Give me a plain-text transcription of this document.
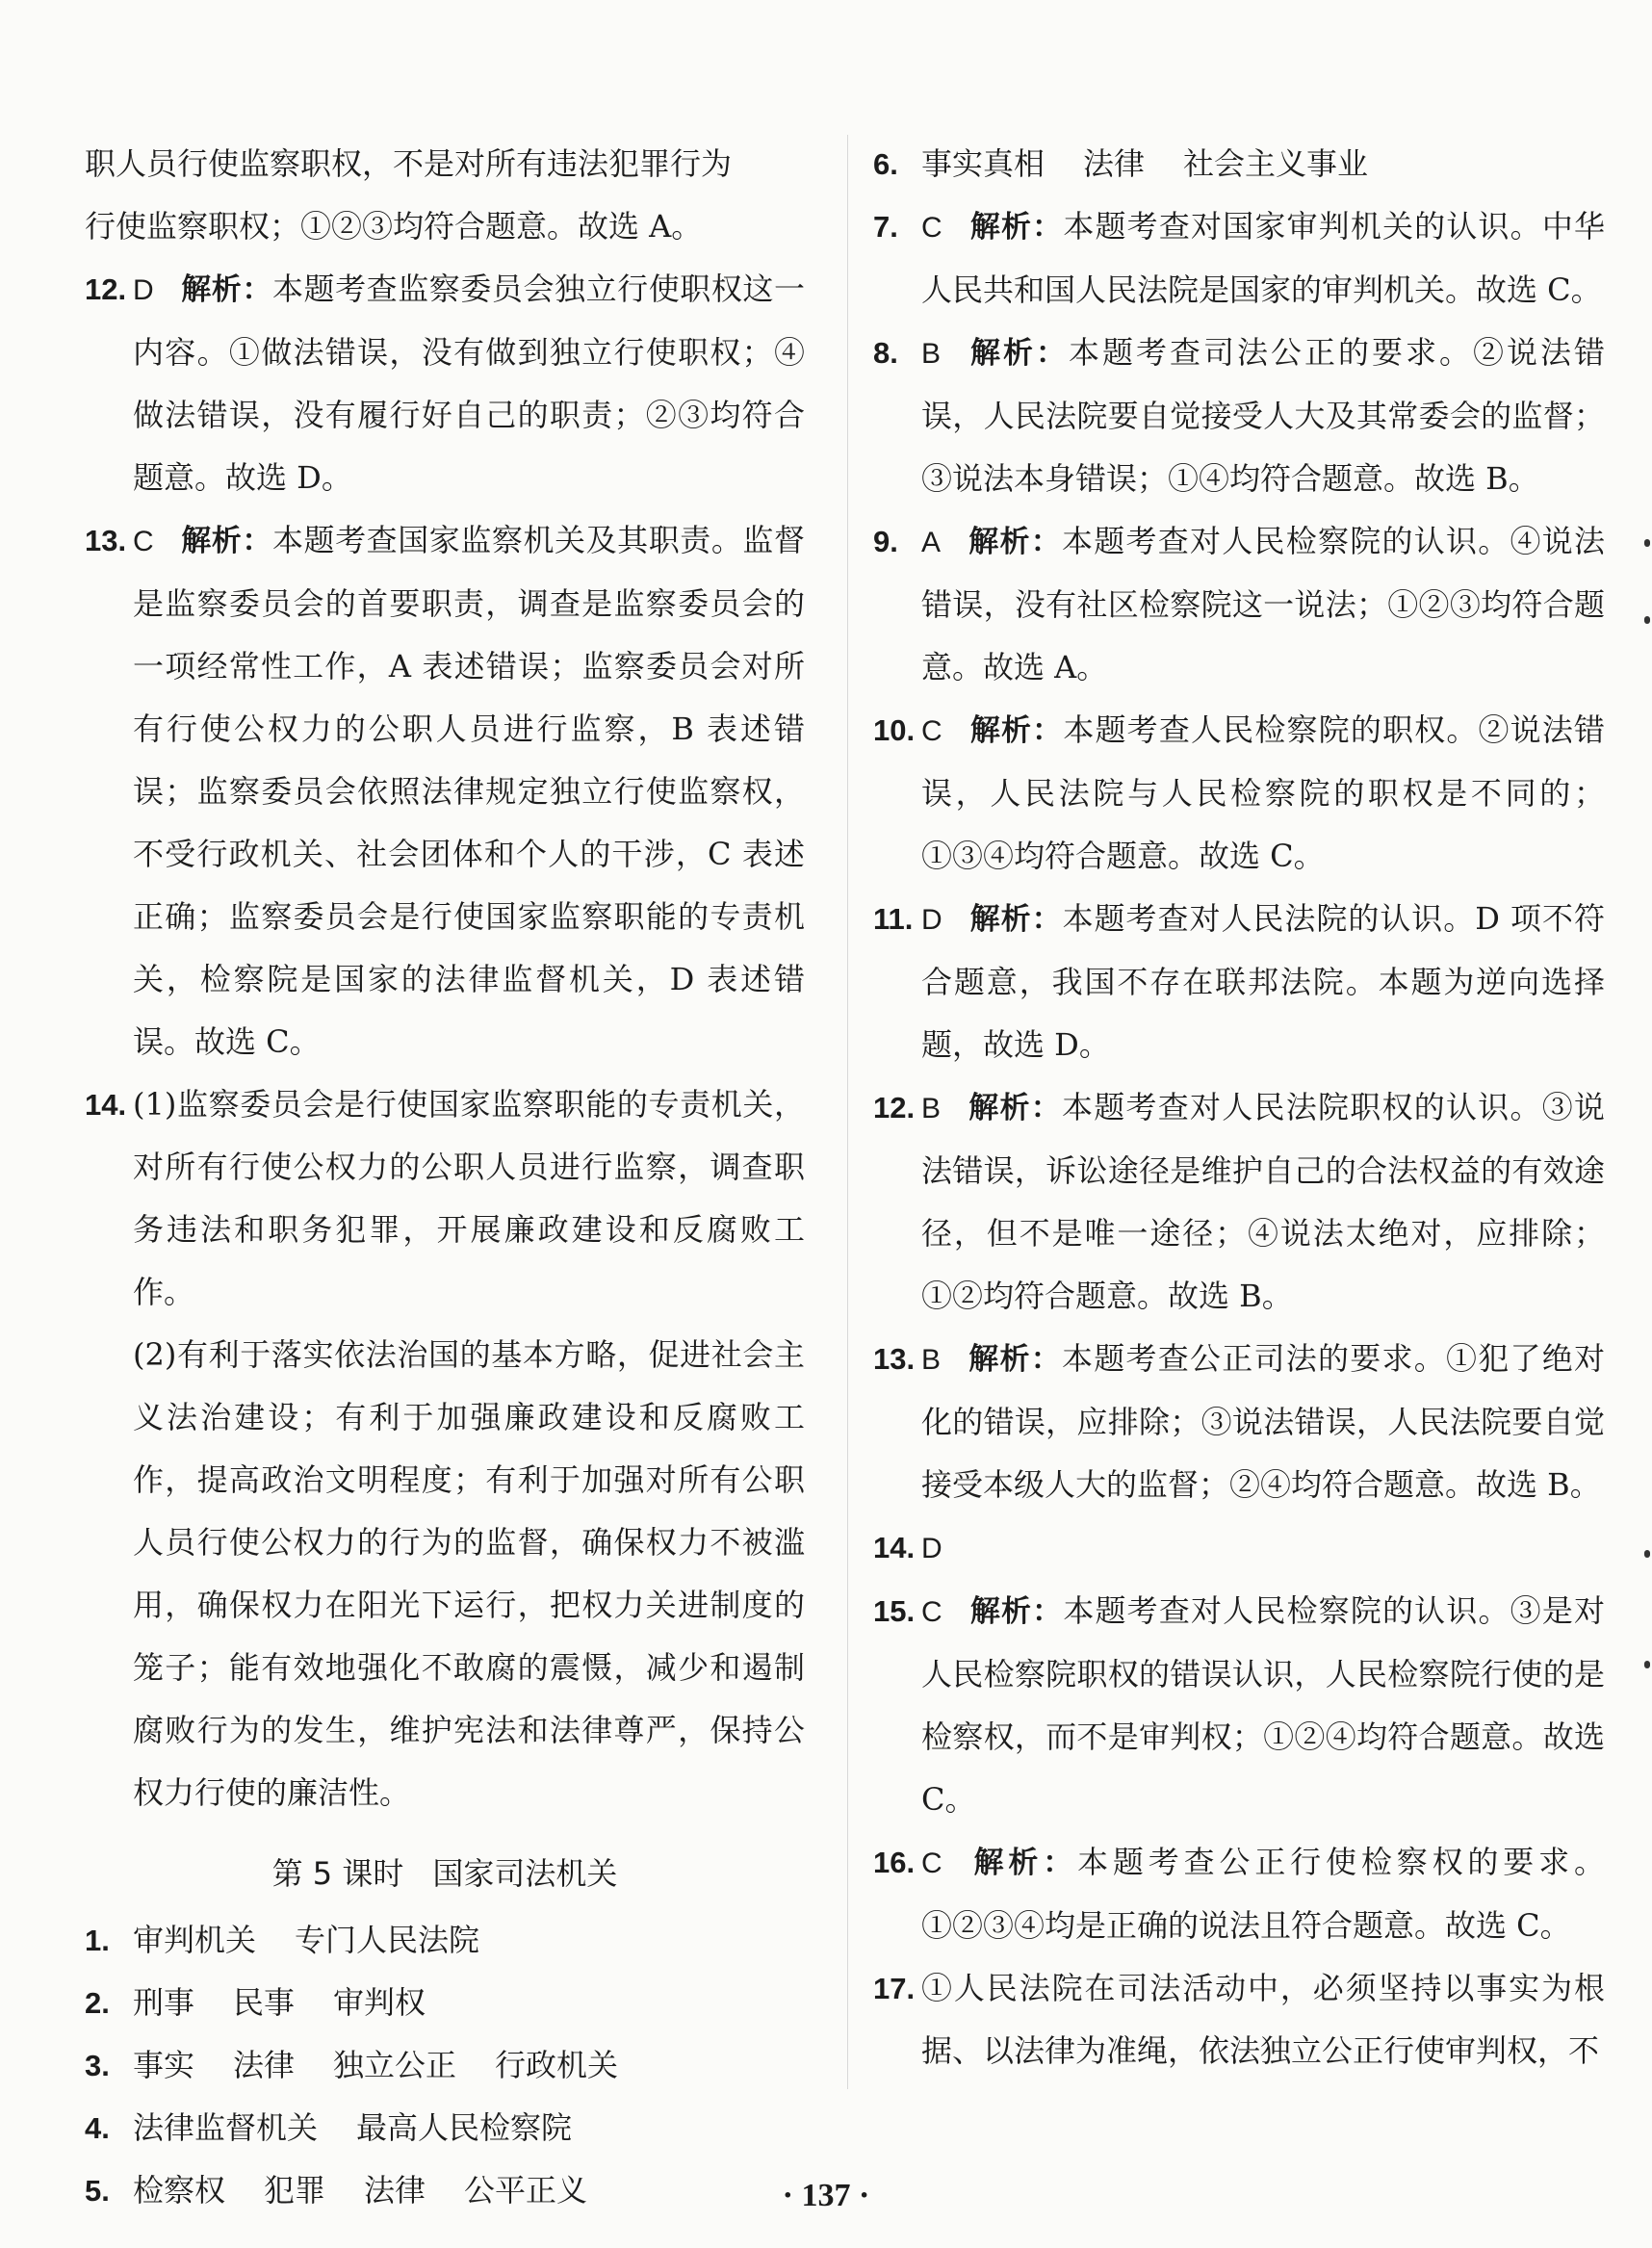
职人员行使监察职权，不是对所有违法犯罪行为

行使监察职权；①②③均符合题意。故选 A。

12. D 解析：本题考查监察委员会独立行使职权这一内容。①做法错误，没有做到独立行使职权；④做法错误，没有履行好自己的职责；②③均符合题意。故选 D。
13. C 解析：本题考查国家监察机关及其职责。监督是监察委员会的首要职责，调查是监察委员会的一项经常性工作，A 表述错误；监察委员会对所有行使公权力的公职人员进行监察，B 表述错误；监察委员会依照法律规定独立行使监察权，不受行政机关、社会团体和个人的干涉，C 表述正确；监察委员会是行使国家监察职能的专责机关，检察院是国家的法律监督机关，D 表述错误。故选 C。
14. (1)监察委员会是行使国家监察职能的专责机关，对所有行使公权力的公职人员进行监察，调查职务违法和职务犯罪，开展廉政建设和反腐败工作。
(2)有利于落实依法治国的基本方略，促进社会主义法治建设；有利于加强廉政建设和反腐败工作，提高政治文明程度；有利于加强对所有公职人员行使公权力的行为的监督，确保权力不被滥用，确保权力在阳光下运行，把权力关进制度的笼子；能有效地强化不敢腐的震慑，减少和遏制腐败行为的发生，维护宪法和法律尊严，保持公权力行使的廉洁性。
第 5 课时 国家司法机关
1. 审判机关 专门人民法院
2. 刑事 民事 审判权
3. 事实 法律 独立公正 行政机关
4. 法律监督机关 最高人民检察院
5. 检察权 犯罪 法律 公平正义
6. 事实真相 法律 社会主义事业
7. C 解析：本题考查对国家审判机关的认识。中华人民共和国人民法院是国家的审判机关。故选 C。
8. B 解析：本题考查司法公正的要求。②说法错误，人民法院要自觉接受人大及其常委会的监督；③说法本身错误；①④均符合题意。故选 B。
9. A 解析：本题考查对人民检察院的认识。④说法错误，没有社区检察院这一说法；①②③均符合题意。故选 A。
10. C 解析：本题考查人民检察院的职权。②说法错误，人民法院与人民检察院的职权是不同的；①③④均符合题意。故选 C。
11. D 解析：本题考查对人民法院的认识。D 项不符合题意，我国不存在联邦法院。本题为逆向选择题，故选 D。
12. B 解析：本题考查对人民法院职权的认识。③说法错误，诉讼途径是维护自己的合法权益的有效途径，但不是唯一途径；④说法太绝对，应排除；①②均符合题意。故选 B。
13. B 解析：本题考查公正司法的要求。①犯了绝对化的错误，应排除；③说法错误，人民法院要自觉接受本级人大的监督；②④均符合题意。故选 B。
14. D
15. C 解析：本题考查对人民检察院的认识。③是对人民检察院职权的错误认识，人民检察院行使的是检察权，而不是审判权；①②④均符合题意。故选 C。
16. C 解析：本题考查公正行使检察权的要求。①②③④均是正确的说法且符合题意。故选 C。
17. ①人民法院在司法活动中，必须坚持以事实为根据、以法律为准绳，依法独立公正行使审判权，不
· 137 ·
